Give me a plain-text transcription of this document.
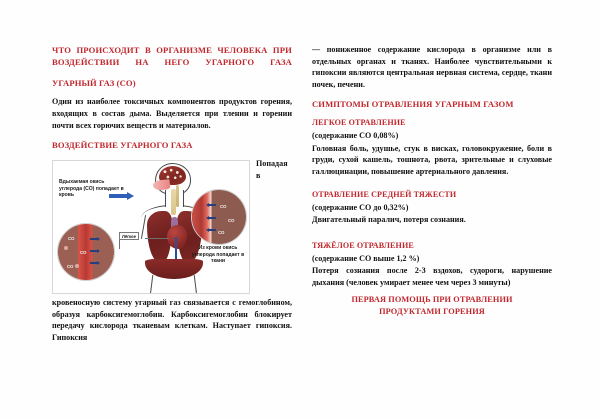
ЧТО ПРОИСХОДИТ В ОРГАНИЗМЕ ЧЕЛОВЕКА ПРИ ВОЗДЕЙСТВИИ НА НЕГО УГАРНОГО ГАЗА
УГАРНЫЙ ГАЗ (СО)

Один из наиболее токсичных компонентов продуктов горения, входящих в состав дыма. Выделяется при тлении и горении почти всех горючих веществ и материалов.

ВОЗДЕЙСТВИЕ УГАРНОГО ГАЗА
CO
CO
CO
CO
CO
CO
Вдыхаемая окись углерода (СО) попадает в кровь
Лёгкое
Из крови окись углерода попадает в ткани

Попадая в кровеносную систему угарный газ связывается с гемоглобином, образуя карбоксигемоглобин. Карбоксигемоглобин блокирует передачу кислорода тканевым клеткам. Наступает гипоксия. Гипоксия

— пониженное содержание кислорода в организме или в отдельных органах и тканях. Наиболее чувствительными к гипоксии являются центральная нервная система, сердце, ткани почек, печени.

СИМПТОМЫ ОТРАВЛЕНИЯ УГАРНЫМ ГАЗОМ
ЛЕГКОЕ ОТРАВЛЕНИЕ
(содержание СО 0,08%)

Головная боль, удушье, стук в висках, головокружение, боли в груди, сухой кашель, тошнота, рвота, зрительные и слуховые галлюцинации, повышение артериального давления.

ОТРАВЛЕНИЕ СРЕДНЕЙ ТЯЖЕСТИ
(содержание СО до 0,32%)

Двигательный паралич, потеря сознания.

ТЯЖЁЛОЕ ОТРАВЛЕНИЕ
(содержание СО выше 1,2 %)

Потеря сознания после 2-3 вздохов, судороги, нарушение дыхания (человек умирает менее чем через 3 минуты)

ПЕРВАЯ ПОМОЩЬ ПРИ ОТРАВЛЕНИИ
ПРОДУКТАМИ ГОРЕНИЯ
